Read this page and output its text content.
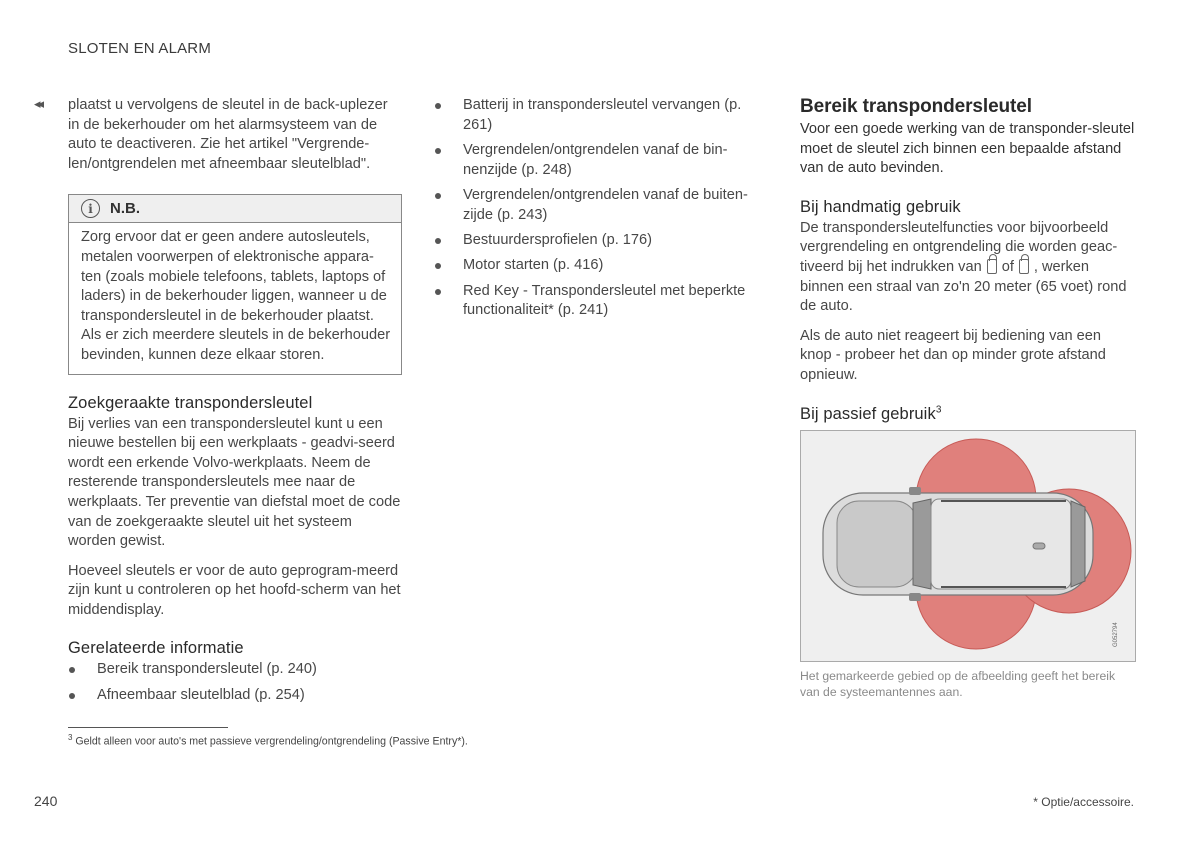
SLOTEN EN ALARM
◂◂ plaatst u vervolgens de sleutel in de back-uplezer in de bekerhouder om het alarmsysteem van de auto te deactiveren. Zie het artikel "Vergrende-len/ontgrendelen met afneembaar sleutelblad".

i	N.B.

Zorg ervoor dat er geen andere autosleutels, metalen voorwerpen of elektronische appara-ten (zoals mobiele telefoons, tablets, laptops of laders) in de bekerhouder liggen, wanneer u de transpondersleutel in de bekerhouder plaatst. Als er zich meerdere sleutels in de bekerhouder bevinden, kunnen deze elkaar storen.

Zoekgeraakte transpondersleutel

Bij verlies van een transpondersleutel kunt u een nieuwe bestellen bij een werkplaats - geadvi-seerd wordt een erkende Volvo-werkplaats. Neem de resterende transpondersleutels mee naar de werkplaats. Ter preventie van diefstal moet de code van de zoekgeraakte sleutel uit het systeem worden gewist.

Hoeveel sleutels er voor de auto geprogram-meerd zijn kunt u controleren op het hoofd-scherm van het middendisplay.

Gerelateerde informatie
Bereik transpondersleutel (p. 240)
Afneembaar sleutelblad (p. 254)
Batterij in transpondersleutel vervangen (p. 261)
Vergrendelen/ontgrendelen vanaf de bin-nenzijde (p. 248)
Vergrendelen/ontgrendelen vanaf de buiten-zijde (p. 243)
Bestuurdersprofielen (p. 176)
Motor starten (p. 416)
Red Key - Transpondersleutel met beperkte functionaliteit* (p. 241)
Bereik transpondersleutel

Voor een goede werking van de transponder-sleutel moet de sleutel zich binnen een bepaalde afstand van de auto bevinden.

Bij handmatig gebruik

De transpondersleutelfuncties voor bijvoorbeeld vergrendeling en ontgrendeling die worden geac-tiveerd bij het indrukken van of , werken binnen een straal van zo'n 20 meter (65 voet) rond de auto.

Als de auto niet reageert bij bediening van een knop - probeer het dan op minder grote afstand opnieuw.

Bij passief gebruik$^3$
G052794
Het gemarkeerde gebied op de afbeelding geeft het bereik van de systeemantennes aan.
$^3$ Geldt alleen voor auto's met passieve vergrendeling/ontgrendeling (Passive Entry*).
240	* Optie/accessoire.
